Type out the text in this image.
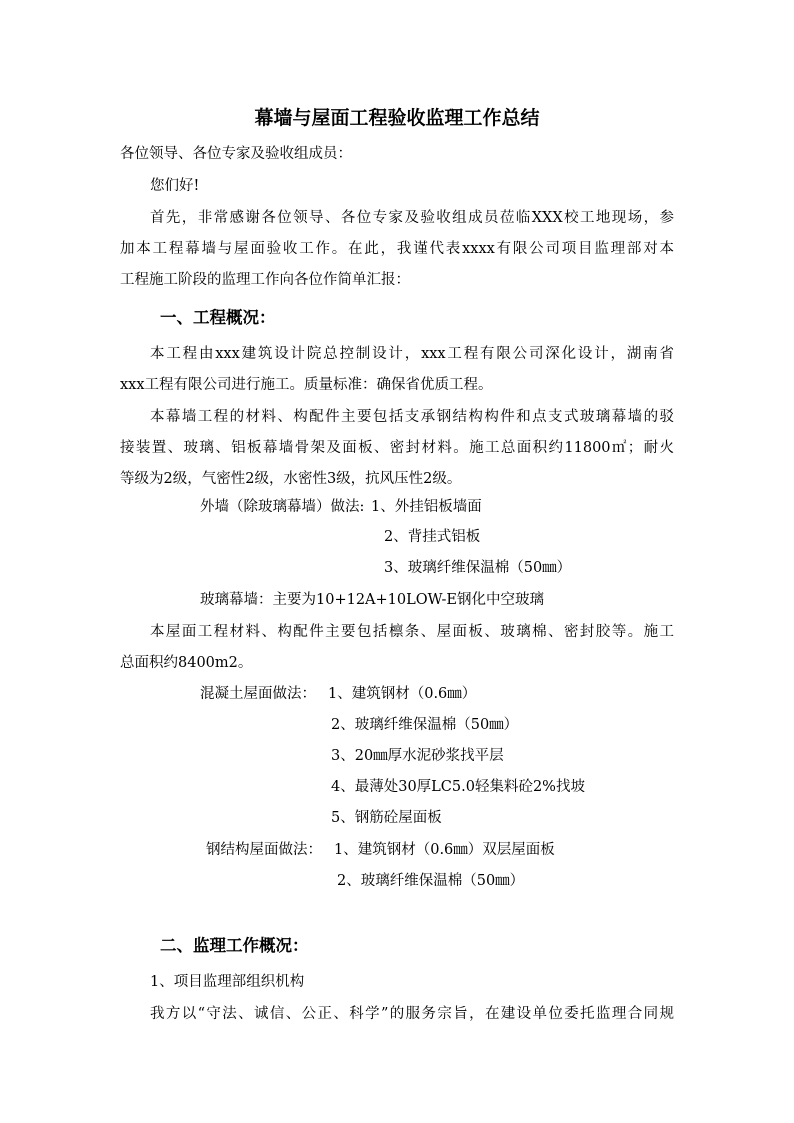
幕墙与屋面工程验收监理工作总结
各位领导、各位专家及验收组成员：
您们好!
首先，非常感谢各位领导、各位专家及验收组成员莅临XXX校工地现场，参
加本工程幕墙与屋面验收工作。在此，我谨代表xxxx有限公司项目监理部对本
工程施工阶段的监理工作向各位作简单汇报：
一、工程概况：
本工程由xxx建筑设计院总控制设计，xxx工程有限公司深化设计，湖南省
xxx工程有限公司进行施工。质量标准：确保省优质工程。
本幕墙工程的材料、构配件主要包括支承钢结构构件和点支式玻璃幕墙的驳
接装置、玻璃、铝板幕墙骨架及面板、密封材料。施工总面积约11800㎡；耐火
等级为2级，气密性2级，水密性3级，抗风压性2级。
外墙（除玻璃幕墙）做法: 1、外挂铝板墙面
2、背挂式铝板
3、玻璃纤维保温棉（50㎜）
玻璃幕墙：主要为10+12A+10LOW-E钢化中空玻璃
本屋面工程材料、构配件主要包括檩条、屋面板、玻璃棉、密封胶等。施工
总面积约8400m2。
混凝土屋面做法： 1、建筑钢材（0.6㎜）
2、玻璃纤维保温棉（50㎜）
3、20㎜厚水泥砂浆找平层
4、最薄处30厚LC5.0轻集料砼2%找坡
5、钢筋砼屋面板
钢结构屋面做法： 1、建筑钢材（0.6㎜）双层屋面板
2、玻璃纤维保温棉（50㎜）
二、监理工作概况：
1、项目监理部组织机构
我方以“守法、诚信、公正、科学”的服务宗旨，在建设单位委托监理合同规
